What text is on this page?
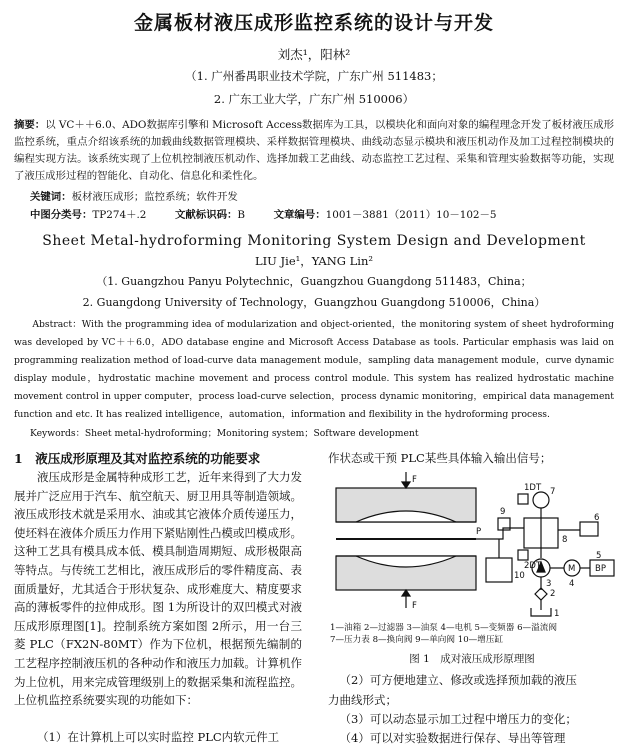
金属板材液压成形监控系统的设计与开发
刘杰¹，阳林²
（1. 广州番禺职业技术学院，广东广州 511483；
2. 广东工业大学，广东广州 510006）
摘要：以 VC＋＋6.0、ADO数据库引擎和 Microsoft Access数据库为工具，以模块化和面向对象的编程理念开发了板材液压成形监控系统，重点介绍该系统的加载曲线数据管理模块、采样数据管理模块、曲线动态显示模块和液压机动作及加工过程控制模块的编程实现方法。该系统实现了上位机控制液压机动作、选择加载工艺曲线、动态监控工艺过程、采集和管理实验数据等功能，实现了液压成形过程的智能化、自动化、信息化和柔性化。
关键词：板材液压成形；监控系统；软件开发
中图分类号：TP274＋.2	文献标识码：B	文章编号：1001－3881（2011）10－102－5
Sheet Metal-hydroforming Monitoring System Design and Development
LIU Jie¹，YANG Lin²
（1. Guangzhou Panyu Polytechnic，Guangzhou Guangdong 511483，China；
2. Guangdong University of Technology，Guangzhou Guangdong 510006，China）
Abstract：With the programming idea of modularization and object-oriented，the monitoring system of sheet hydroforming was developed by VC＋＋6.0，ADO database engine and Microsoft Access Database as tools. Particular emphasis was laid on programming realization method of load-curve data management module，sampling data management module，curve dynamic display module，hydrostatic machine movement and process control module. This system has realized hydrostatic machine movement control in upper computer，process load-curve selection，process dynamic monitoring，empirical data management function and etc. It has realized intelligence，automation，information and flexibility in the hydroforming process.
Keywords：Sheet metal-hydroforming；Monitoring system；Software development
1　液压成形原理及其对监控系统的功能要求
液压成形是金属特种成形工艺，近年来得到了大力发展并广泛应用于汽车、航空航天、厨卫用具等制造领域。液压成形技术就是采用水、油或其它液体介质传递压力，使坯料在液体介质压力作用下紧贴刚性凸模或凹模成形。这种工艺具有模具成本低、模具制造周期短、成形极限高等特点。与传统工艺相比，液压成形后的零件精度高、表面质量好，尤其适合于形状复杂、成形难度大、精度要求高的薄板零件的拉伸成形。图 1为所设计的双凹模式对液压成形原理图[1]。控制系统方案如图 2所示，用一台三菱 PLC（FX2N-80MT）作为下位机，根据预先编制的工艺程序控制液压机的各种动作和液压力加载。计算机作为上位机，用来完成管理级别上的数据采集和流程监控。上位机监控系统要实现的功能如下：
（1）在计算机上可以实时监控 PLC内软元件工
作状态或干预 PLC某些具体输入输出信号；
F
F
P
1
2
3 4
5
6
7
8
9
10
1DT
2DT	M BP
1—油箱 2—过滤器 3—油泵 4—电机 5—变频器 6—溢流阀
7—压力表 8—换向阀 9—单向阀 10—增压缸
图 1　成对液压成形原理图
（2）可方便地建立、修改或选择预加载的液压
力曲线形式；
（3）可以动态显示加工过程中增压力的变化；
（4）可以对实验数据进行保存、导出等管理
